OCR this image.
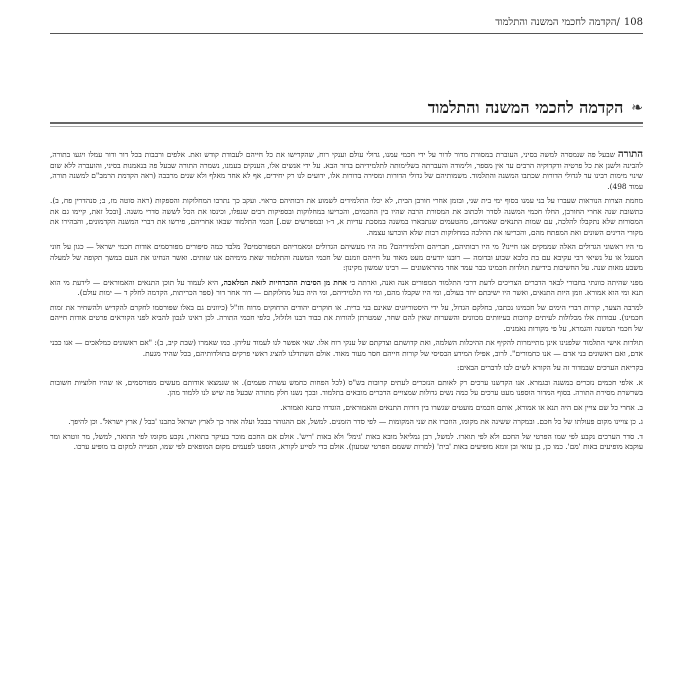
108
/
הקדמה לחכמי המשנה והתלמוד
❧
הקדמה לחכמי המשנה והתלמוד

התורה שבעל פה שנמסרה למשה בסיני, העוברת במסורת מדור לדור על ידי חכמי עמנו, גדולי עולם וענקי רוח, שהקדישו את כל חייהם לעבודת קודש זאת. אלפים ורבבות בכל דור ודור עמלו ויגעו בתורה, להבינה ולשנן את כל פרטיה ודקדוקיה הרבים עד אין מספר, ולימודה והעברתה בשלימותה לתלמידיהם בדור הבא. על ידי אנשים אלו, הענקים בעמנו, נשמרה התורה שבעל פה בנאמנות בסיני, והועברה ללא שום שינוי מימות רבינו עד לגדולי הדורות שכתבו המשנה והתלמוד. משמותיהם של גדולי הדורות ומסירה בדורות אלו, ידועים לנו רק יחידים, אף לא אחד מאלף ולא שנים מרבבה (ראה הקדמת הרמב"ם למשנה תורה, עמוד 498).

מחמת הצרות הנוראות שעברו על בני עמנו בסוף ימי בית שני, ובזמן אחרי חורבן הבית, לא יכלו התלמידים לשמוע את רבותיהם כראוי. ועקב כך נתרבו המחלוקות והספקות (ראה סוטה מז, ב; סנהדרין פח, ב). כתשובת שנה אחרי החורבן, החלו חכמי המשנה לסדר ולכתוב את המסורת הרבה שהיו בין החכמים, והכריעו במחלוקות ובספיקות רבים שנפלו, וכינסו את הכל לששה סדרי משנה. [ובכל זאת, קיימו גם את המסורות שלא נתקבלו להלכה, עם שמות התנאים שאמרום, מהטעמים שנתבארו במשנה במסכת עדיות א, ד-ו ובמפרשים שם.] חכמי התלמוד שבאו אחריהם, פירשו את דברי המשנה הקדמונים, והבהירו את מקורי הדינים השונים ואת המפתח מהם, והכריעו את ההלכה במחלוקות רבות שלא הוכרעו עצמה.

מי היו ראשוני הגדולים האלה שממקים אנו חיינו? מי היו רבותיהם, חבריהם ותלמידיהם? מה היו מעשיהם הגדולים ומאמריהם המפורסמים? מלבד כמה סיפורים מפורסמים אודות חכמי ישראל — כגון על חוני המעגל או על נשיאי רבי עקיבא עם בת כלבא שבוע ובדומה — רובנו יודעים מעט מאוד על חייהם וזמנם של חכמי המשנה והתלמוד שאת מימיהם אנו שותים. ואשר הנחיגו את העם במשך תקופה של למעלה משבע מאות שנה. על החשיבות בידיעת תולדות חכמינו כבר עמד אחד מהראשונים — רבינו שמשון מקינון:

מפני שהיתה כוונתי בחבורי לבאר הדברים הצריכים לדעת דרכי התלמוד המפורים אנה ואנה, וארתה כי אחת מן הסיבות ההכרחיות לזאת המלאכה, היא לעמוד על תוכן התנאים והאמוראים — לידעת מי הוא תנא ומי הוא אמורא. וזמן היות התנאים, ואשר היו ישיבתם יחד בעולם, ומי היו שקבלו מהם, ומי היו תלמידיהם, ומי היה בעל מחלוקתם — דור אחר דור (ספר הכריתות, הקדמה לחלק ד — ימות עולם).

למרבה הצער, קורות דברי הימים של חכמינו נכתבו, בחלקם הגדול, על ידי היסטוריונים שאינם בני ברית. או חוקרים יהודים הרחוקים מרוח חז"ל (כיוונים גם באלו שפורסמו לחקרם להקדיש ולהשחיר את זמות חכמינו). עבודות אלו מכלולות לעיתים קרובות בעיוותים מכוונים והשערות שאין להם שחר, שמטרתן להורות את כבוד רבנו ולזלזל, כלפי חכמי התורה. לכן ראינו לנכון להביא לפני הקוראים פרטים אודות חייהם של חכמי המשנה והגמרא, על פי מקורות נאמנים.

תולדות אישי התלמוד שלפנינו אינן מתיימרות להקיף את ההיכלות השלמה, ואת קדושתם וצדקתם של ענקי רוח אלו. שאי אפשר לנו לעמוד עליהן. כמו שאמרו (שבת קיב, ב): "אם ראשונים כמלאכים — אנו כבני אדם, ואם ראשונים בני אדם — אנו כחמורים". לרוב, אפילו המידע הבסיסי של קורות חייהם חסר מעוד מאוד. אולם השתדלנו להציג ראשי פרקים בתולדותיהם, בכל שהיד מגעת.

בקריאת הערכים שבמדור זה על הקורא לשים לבו לדברים הבאים:

א. אלפי חכמים נזכרים במשנה ובגמרא. אנו הקדשנו ערכים רק לאותם הנזכרים לעתים קרובות בש"ס (לכל הפחות כחמש עשרה פעמים). או שנמצאו אודותם מעשים מפורסמים, או שהיו חלוציות חשובות בשרשרת מסירת התורה. בסוף המדור הוספנו מעט ערכים על כמה נשים גדולות שמצויים הדברים מובאים בתלמוד. ובכך נשנו חלק מתורה שבעל פה שיש לנו ללמוד מהן.

ב. אחרי כל שם צויין אם היה תנא או אמורא, אותם חכמים מועטים שגשרו בין דורות התנאים והאמוראים, הוגדרו כתנא ואמורא.

ג. כן צויינו מקום פעולתו של כל חכם. ובמקרה ששינה את מקומו, הוזכרו את שני המקומות — לפי סדר הזמנים. למשל, אם ההגוהר בבבל ועלה אחר כך לארץ ישראל כתבנו 'בבל / ארץ ישראל'. וכן להיפך.

ד. סדר הערכים נקבע לפי שמו הפרטי של החכם ולא לפי תוארו. למשל, רבן גמליאל מובא באות 'גימל' ולא באות 'ריש'. אולם אם החכם מוכר בעיקר בתוארו, נקבע מקומו לפי התואר, למשל, מר זוטרא ומר עוקבא מופיעים באות 'מם'. כמו כן, בן עזאי ובן זומא מופיעים באות 'בית' (למרות ששמם הפרטי שמעון). אולם כדי לסייע לקורא, הוספנו לפעמים מקום המופאים לפי שמו, הפנייה למקום בו מופיע ערכו.
